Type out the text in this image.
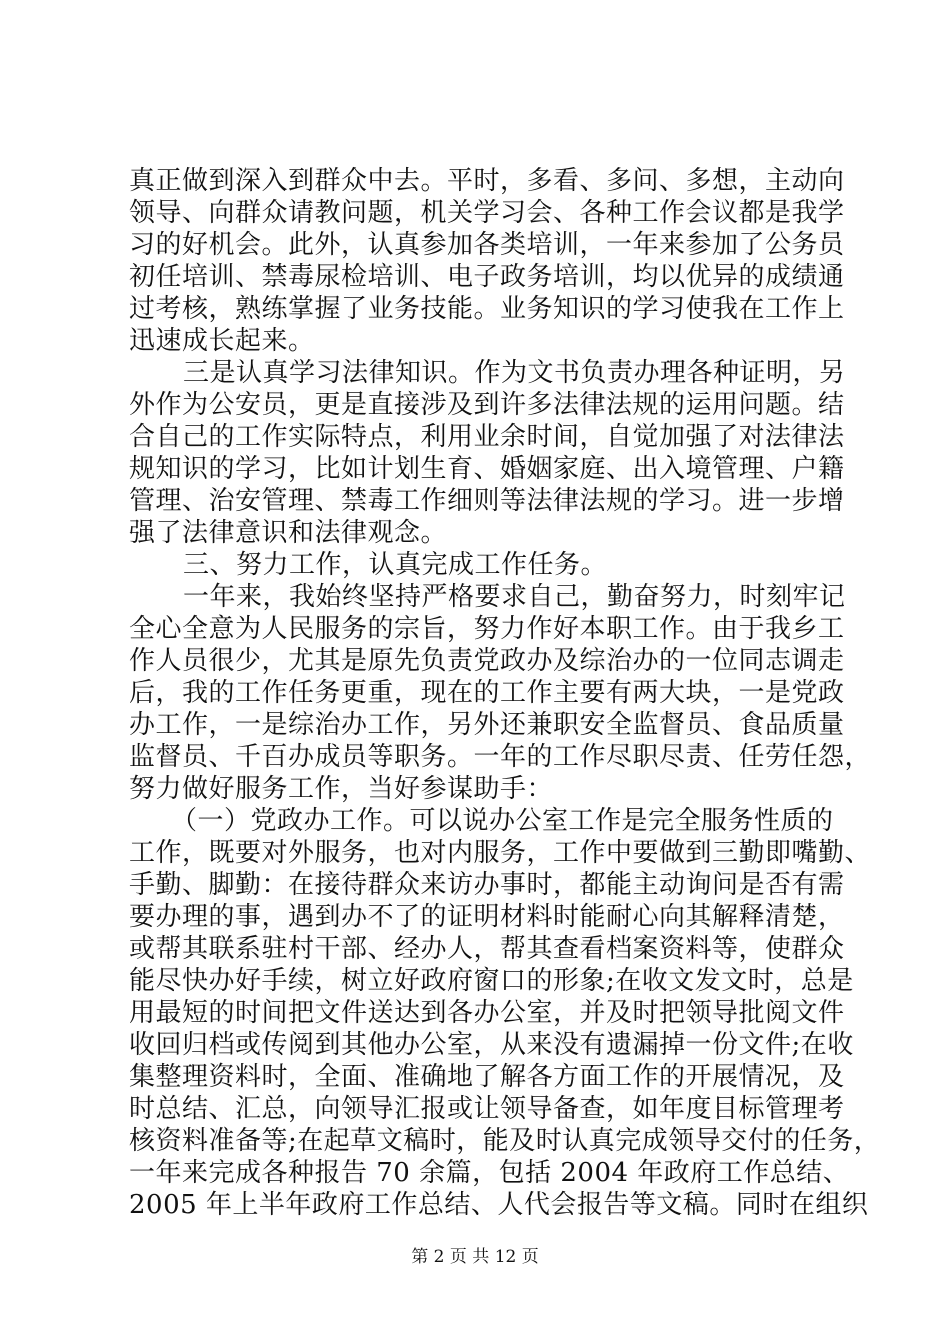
真正做到深入到群众中去。平时，多看、多问、多想，主动向
领导、向群众请教问题，机关学习会、各种工作会议都是我学
习的好机会。此外，认真参加各类培训，一年来参加了公务员
初任培训、禁毒尿检培训、电子政务培训，均以优异的成绩通
过考核，熟练掌握了业务技能。业务知识的学习使我在工作上
迅速成长起来。
三是认真学习法律知识。作为文书负责办理各种证明，另
外作为公安员，更是直接涉及到许多法律法规的运用问题。结
合自己的工作实际特点，利用业余时间，自觉加强了对法律法
规知识的学习，比如计划生育、婚姻家庭、出入境管理、户籍
管理、治安管理、禁毒工作细则等法律法规的学习。进一步增
强了法律意识和法律观念。
三、努力工作，认真完成工作任务。
一年来，我始终坚持严格要求自己，勤奋努力，时刻牢记
全心全意为人民服务的宗旨，努力作好本职工作。由于我乡工
作人员很少，尤其是原先负责党政办及综治办的一位同志调走
后，我的工作任务更重，现在的工作主要有两大块，一是党政
办工作，一是综治办工作，另外还兼职安全监督员、食品质量
监督员、千百办成员等职务。一年的工作尽职尽责、任劳任怨，
努力做好服务工作，当好参谋助手：
（一）党政办工作。可以说办公室工作是完全服务性质的
工作，既要对外服务，也对内服务，工作中要做到三勤即嘴勤、
手勤、脚勤：在接待群众来访办事时，都能主动询问是否有需
要办理的事，遇到办不了的证明材料时能耐心向其解释清楚，
或帮其联系驻村干部、经办人，帮其查看档案资料等，使群众
能尽快办好手续，树立好政府窗口的形象;在收文发文时，总是
用最短的时间把文件送达到各办公室，并及时把领导批阅文件
收回归档或传阅到其他办公室，从来没有遗漏掉一份文件;在收
集整理资料时，全面、准确地了解各方面工作的开展情况，及
时总结、汇总，向领导汇报或让领导备查，如年度目标管理考
核资料准备等;在起草文稿时，能及时认真完成领导交付的任务，
一年来完成各种报告 70 余篇，包括 2004 年政府工作总结、
2005 年上半年政府工作总结、人代会报告等文稿。同时在组织
第 2 页 共 12 页
